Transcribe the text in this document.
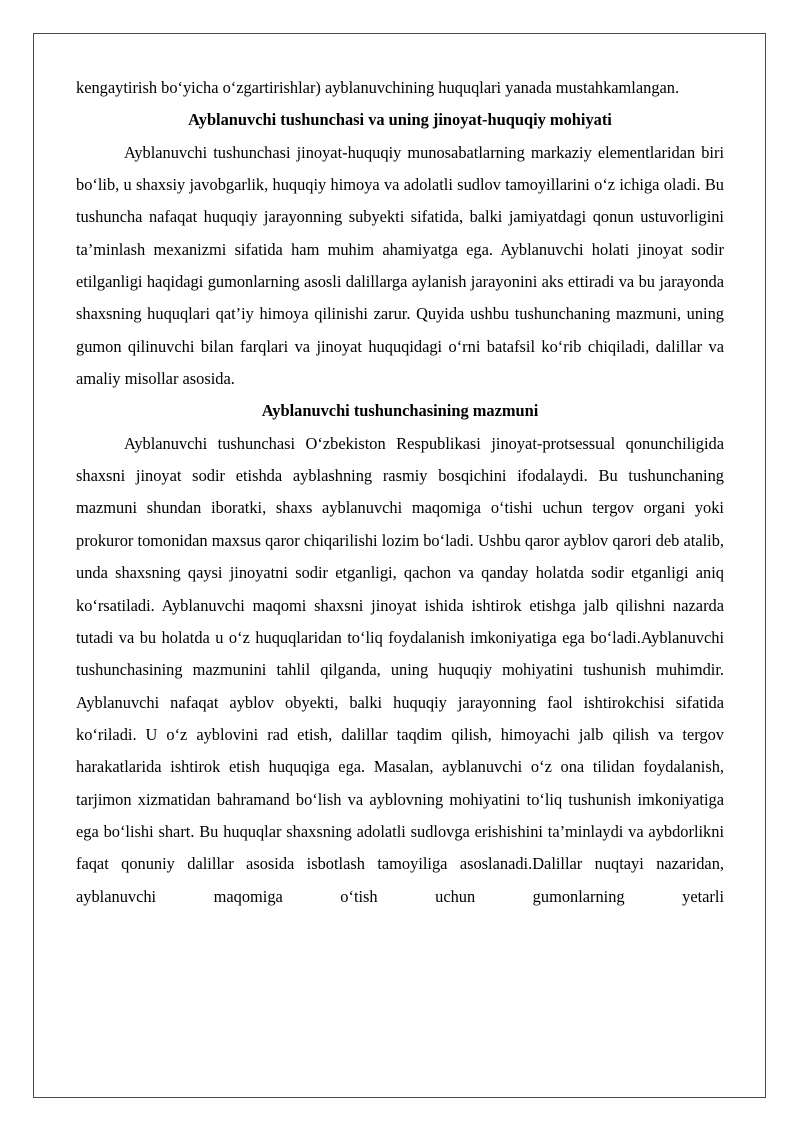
kengaytirish bo‘yicha o‘zgartirishlar) ayblanuvchining huquqlari yanada mustahkamlangan.

Ayblanuvchi tushunchasi va uning jinoyat-huquqiy mohiyati

Ayblanuvchi tushunchasi jinoyat-huquqiy munosabatlarning markaziy elementlaridan biri bo‘lib, u shaxsiy javobgarlik, huquqiy himoya va adolatli sudlov tamoyillarini o‘z ichiga oladi. Bu tushuncha nafaqat huquqiy jarayonning subyekti sifatida, balki jamiyatdagi qonun ustuvorligini ta’minlash mexanizmi sifatida ham muhim ahamiyatga ega. Ayblanuvchi holati jinoyat sodir etilganligi haqidagi gumonlarning asosli dalillarga aylanish jarayonini aks ettiradi va bu jarayonda shaxsning huquqlari qat’iy himoya qilinishi zarur. Quyida ushbu tushunchaning mazmuni, uning gumon qilinuvchi bilan farqlari va jinoyat huquqidagi o‘rni batafsil ko‘rib chiqiladi, dalillar va amaliy misollar asosida.

Ayblanuvchi tushunchasining mazmuni

Ayblanuvchi tushunchasi O‘zbekiston Respublikasi jinoyat-protsessual qonunchiligida shaxsni jinoyat sodir etishda ayblashning rasmiy bosqichini ifodalaydi. Bu tushunchaning mazmuni shundan iboratki, shaxs ayblanuvchi maqomiga o‘tishi uchun tergov organi yoki prokuror tomonidan maxsus qaror chiqarilishi lozim bo‘ladi. Ushbu qaror ayblov qarori deb atalib, unda shaxsning qaysi jinoyatni sodir etganligi, qachon va qanday holatda sodir etganligi aniq ko‘rsatiladi. Ayblanuvchi maqomi shaxsni jinoyat ishida ishtirok etishga jalb qilishni nazarda tutadi va bu holatda u o‘z huquqlaridan to‘liq foydalanish imkoniyatiga ega bo‘ladi.Ayblanuvchi tushunchasining mazmunini tahlil qilganda, uning huquqiy mohiyatini tushunish muhimdir. Ayblanuvchi nafaqat ayblov obyekti, balki huquqiy jarayonning faol ishtirokchisi sifatida ko‘riladi. U o‘z ayblovini rad etish, dalillar taqdim qilish, himoyachi jalb qilish va tergov harakatlarida ishtirok etish huquqiga ega. Masalan, ayblanuvchi o‘z ona tilidan foydalanish, tarjimon xizmatidan bahramand bo‘lish va ayblovning mohiyatini to‘liq tushunish imkoniyatiga ega bo‘lishi shart. Bu huquqlar shaxsning adolatli sudlovga erishishini ta’minlaydi va aybdorlikni faqat qonuniy dalillar asosida isbotlash tamoyiliga asoslanadi.Dalillar nuqtayi nazaridan, ayblanuvchi maqomiga o‘tish uchun gumonlarning yetarli
